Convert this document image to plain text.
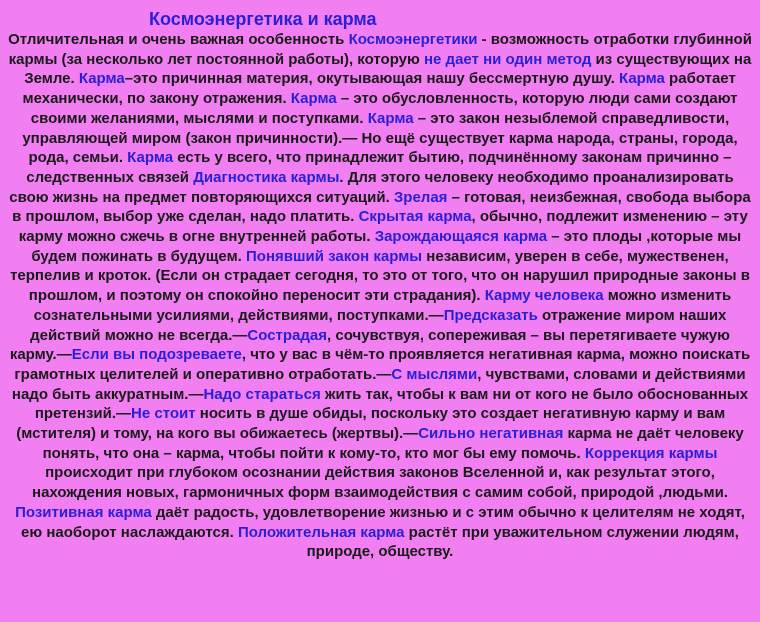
Космоэнергетика и карма

Отличительная и очень важная особенность Космоэнергетики - возможность отработки глубинной кармы (за несколько лет постоянной работы), которую не дает ни один метод из существующих на Земле. Карма–это причинная материя, окутывающая нашу бессмертную душу. Карма работает механически, по закону отражения. Карма – это обусловленность, которую люди сами создают своими желаниями, мыслями и поступками. Карма – это закон незыблемой справедливости, управляющей миром (закон причинности).— Но ещё существует карма народа, страны, города, рода, семьи. Карма есть у всего, что принадлежит бытию, подчинённому законам причинно – следственных связей Диагностика кармы. Для этого человеку необходимо проанализировать свою жизнь на предмет повторяющихся ситуаций. Зрелая – готовая, неизбежная, свобода выбора в прошлом, выбор уже сделан, надо платить. Скрытая карма, обычно, подлежит изменению – эту карму можно сжечь в огне внутренней работы. Зарождающаяся карма – это плоды ,которые мы будем пожинать в будущем. Понявший закон кармы независим, уверен в себе, мужественен, терпелив и кроток. (Если он страдает сегодня, то это от того, что он нарушил природные законы в прошлом, и поэтому он спокойно переносит эти страдания). Карму человека можно изменить сознательными усилиями, действиями, поступками.—Предсказать отражение миром наших действий можно не всегда.—Сострадая, сочувствуя, сопереживая – вы перетягиваете чужую карму.—Если вы подозреваете, что у вас в чём-то проявляется негативная карма, можно поискать грамотных целителей и оперативно отработать.—С мыслями, чувствами, словами и действиями надо быть аккуратным.—Надо стараться жить так, чтобы к вам ни от кого не было обоснованных претензий.—Не стоит носить в душе обиды, поскольку это создает негативную карму и вам (мстителя) и тому, на кого вы обижаетесь (жертвы).—Сильно негативная карма не даёт человеку понять, что она – карма, чтобы пойти к кому-то, кто мог бы ему помочь. Коррекция кармы происходит при глубоком осознании действия законов Вселенной и, как результат этого, нахождения новых, гармоничных форм взаимодействия с самим собой, природой ,людьми. Позитивная карма даёт радость, удовлетворение жизнью и с этим обычно к целителям не ходят, ею наоборот наслаждаются. Положительная карма растёт при уважительном служении людям, природе, обществу.
